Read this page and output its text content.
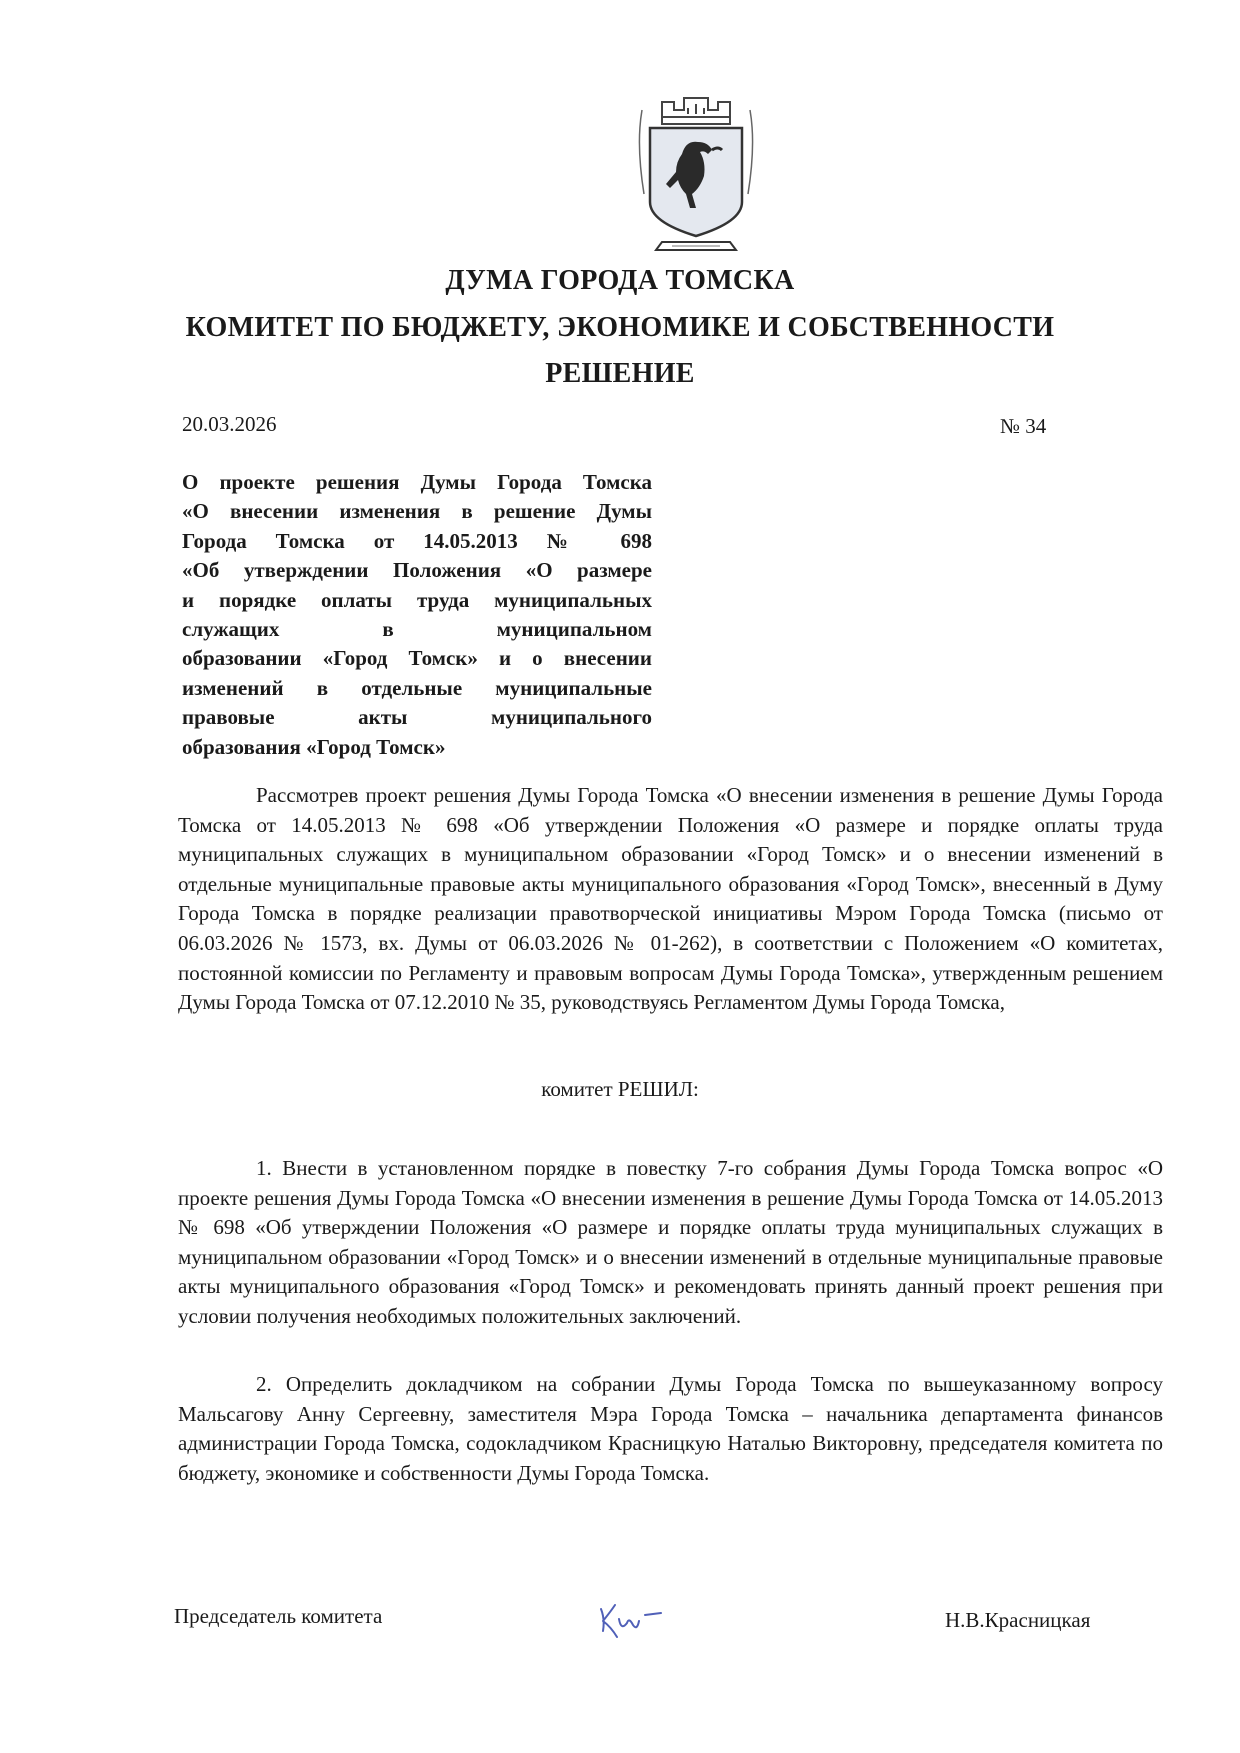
ДУМА ГОРОДА ТОМСКА
КОМИТЕТ ПО БЮДЖЕТУ, ЭКОНОМИКЕ И СОБСТВЕННОСТИ
РЕШЕНИЕ
20.03.2026	№ 34
О проекте решения Думы Города Томска
«О внесении изменения в решение Думы
Города Томска от 14.05.2013 № 698
«Об утверждении Положения «О размере
и порядке оплаты труда муниципальных
служащих в муниципальном
образовании «Город Томск» и о внесении
изменений в отдельные муниципальные
правовые акты муниципального
образования «Город Томск»
Рассмотрев проект решения Думы Города Томска «О внесении изменения в решение Думы Города Томска от 14.05.2013 № 698 «Об утверждении Положения «О размере и порядке оплаты труда муниципальных служащих в муниципальном образовании «Город Томск» и о внесении изменений в отдельные муниципальные правовые акты муниципального образования «Город Томск», внесенный в Думу Города Томска в порядке реализации правотворческой инициативы Мэром Города Томска (письмо от 06.03.2026 № 1573, вх. Думы от 06.03.2026 № 01-262), в соответствии с Положением «О комитетах, постоянной комиссии по Регламенту и правовым вопросам Думы Города Томска», утвержденным решением Думы Города Томска от 07.12.2010 № 35, руководствуясь Регламентом Думы Города Томска,
комитет РЕШИЛ:
1. Внести в установленном порядке в повестку 7-го собрания Думы Города Томска вопрос «О проекте решения Думы Города Томска «О внесении изменения в решение Думы Города Томска от 14.05.2013 № 698 «Об утверждении Положения «О размере и порядке оплаты труда муниципальных служащих в муниципальном образовании «Город Томск» и о внесении изменений в отдельные муниципальные правовые акты муниципального образования «Город Томск» и рекомендовать принять данный проект решения при условии получения необходимых положительных заключений.
2. Определить докладчиком на собрании Думы Города Томска по вышеуказанному вопросу Мальсагову Анну Сергеевну, заместителя Мэра Города Томска – начальника департамента финансов администрации Города Томска, содокладчиком Красницкую Наталью Викторовну, председателя комитета по бюджету, экономике и собственности Думы Города Томска.
Председатель комитета	Н.В.Красницкая
